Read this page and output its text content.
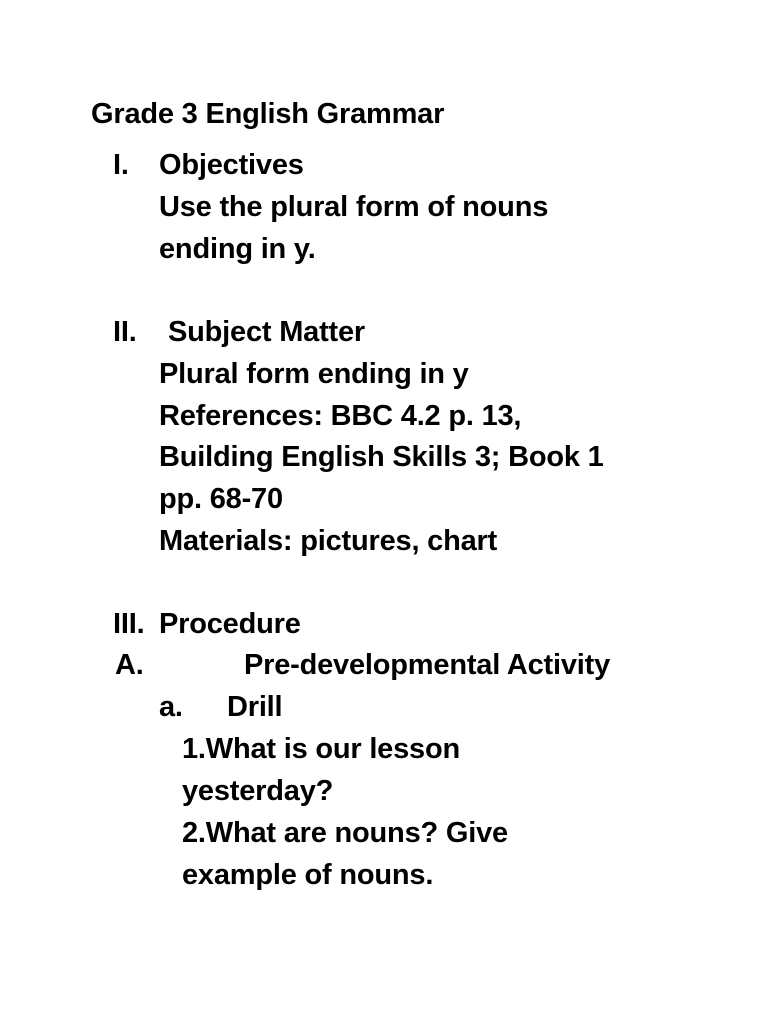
Grade 3 English Grammar
I. Objectives
Use the plural form of nouns
ending in y.
II. Subject Matter
Plural form ending in y
References: BBC 4.2 p. 13,
Building English Skills 3; Book 1
pp. 68-70
Materials: pictures, chart
III. Procedure
A.	Pre-developmental Activity
a. Drill
1.What is our lesson
yesterday?
2.What are nouns? Give
example of nouns.
